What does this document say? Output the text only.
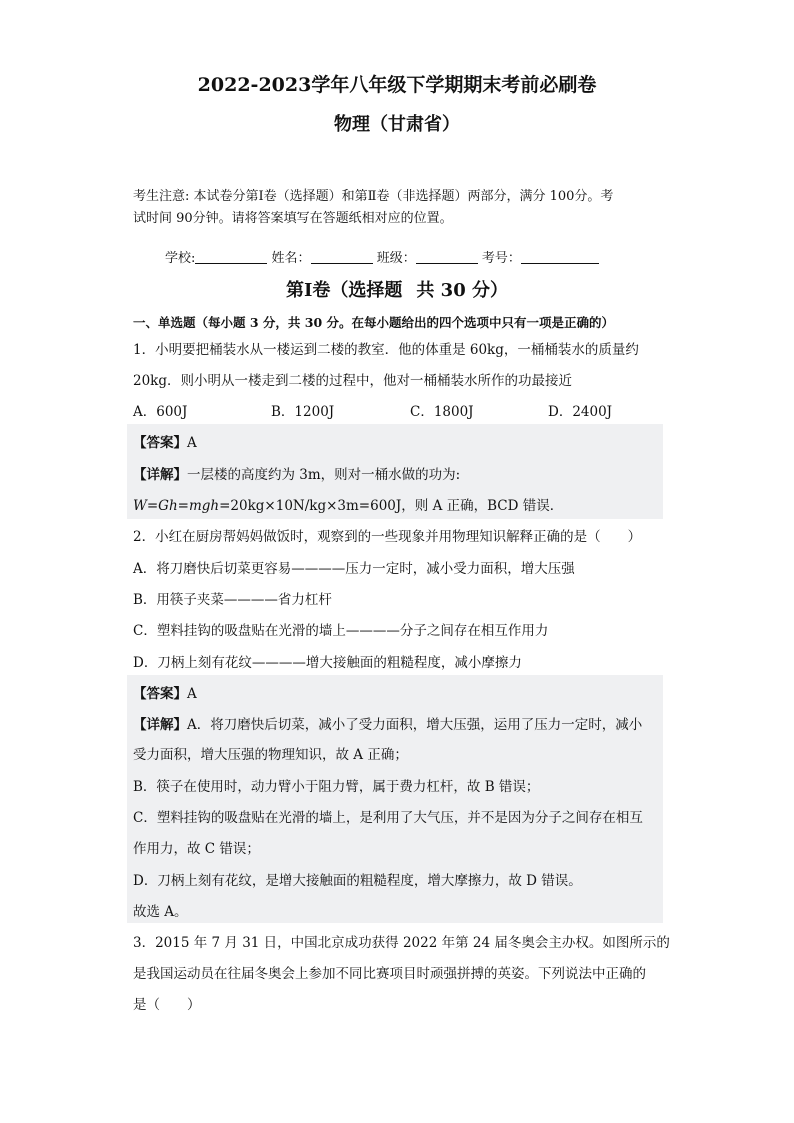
2022-2023学年八年级下学期期末考前必刷卷
物理（甘肃省）
考生注意: 本试卷分第Ⅰ卷（选择题）和第Ⅱ卷（非选择题）两部分，满分 100分。考
试时间 90分钟。请将答案填写在答题纸相对应的位置。
学校:	姓名：	班级：	考号：
第Ⅰ卷（选择题 共 30 分）
一、单选题（每小题 3 分，共 30 分。在每小题给出的四个选项中只有一项是正确的）
1．小明要把桶装水从一楼运到二楼的教室．他的体重是 60kg，一桶桶装水的质量约
20kg．则小明从一楼走到二楼的过程中，他对一桶桶装水所作的功最接近
A．600J	B．1200J	C．1800J	D．2400J
【答案】A
【详解】一层楼的高度约为 3m，则对一桶水做的功为:
W=Gh=mgh=20kg×10N/kg×3m=600J，则 A 正确，BCD 错误．
2．小红在厨房帮妈妈做饭时，观察到的一些现象并用物理知识解释正确的是（　　）
A．将刀磨快后切菜更容易————压力一定时，减小受力面积，增大压强
B．用筷子夹菜————省力杠杆
C．塑料挂钩的吸盘贴在光滑的墙上————分子之间存在相互作用力
D．刀柄上刻有花纹————增大接触面的粗糙程度，减小摩擦力
【答案】A
【详解】A．将刀磨快后切菜，减小了受力面积，增大压强，运用了压力一定时，减小
受力面积，增大压强的物理知识，故 A 正确；
B．筷子在使用时，动力臂小于阻力臂，属于费力杠杆，故 B 错误；
C．塑料挂钩的吸盘贴在光滑的墙上，是利用了大气压，并不是因为分子之间存在相互
作用力，故 C 错误；
D．刀柄上刻有花纹，是增大接触面的粗糙程度，增大摩擦力，故 D 错误。
故选 A。
3．2015 年 7 月 31 日，中国北京成功获得 2022 年第 24 届冬奥会主办权。如图所示的
是我国运动员在往届冬奥会上参加不同比赛项目时顽强拼搏的英姿。下列说法中正确的
是（　　）
